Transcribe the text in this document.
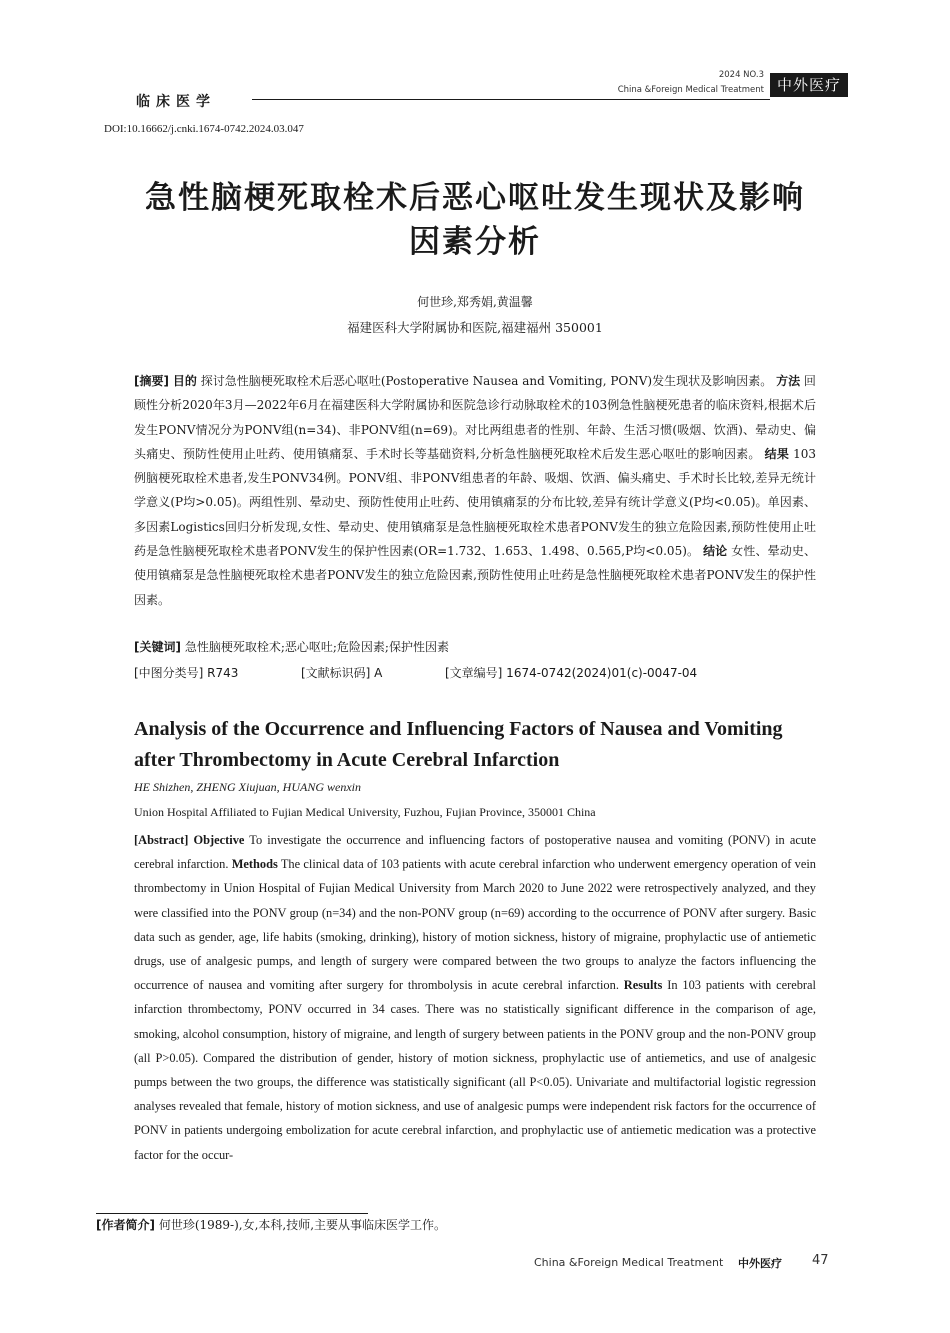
临床医学
2024 NO.3
China &Foreign Medical Treatment 中外医疗
DOI:10.16662/j.cnki.1674-0742.2024.03.047
急性脑梗死取栓术后恶心呕吐发生现状及影响
因素分析
何世珍,郑秀娟,黄温馨
福建医科大学附属协和医院,福建福州 350001
[摘要] 目的 探讨急性脑梗死取栓术后恶心呕吐(Postoperative Nausea and Vomiting, PONV)发生现状及影响因素。 方法 回顾性分析2020年3月—2022年6月在福建医科大学附属协和医院急诊行动脉取栓术的103例急性脑梗死患者的临床资料,根据术后发生PONV情况分为PONV组(n=34)、非PONV组(n=69)。对比两组患者的性别、年龄、生活习惯(吸烟、饮酒)、晕动史、偏头痛史、预防性使用止吐药、使用镇痛泵、手术时长等基础资料,分析急性脑梗死取栓术后发生恶心呕吐的影响因素。 结果 103例脑梗死取栓术患者,发生PONV34例。PONV组、非PONV组患者的年龄、吸烟、饮酒、偏头痛史、手术时长比较,差异无统计学意义(P均>0.05)。两组性别、晕动史、预防性使用止吐药、使用镇痛泵的分布比较,差异有统计学意义(P均<0.05)。单因素、多因素Logistics回归分析发现,女性、晕动史、使用镇痛泵是急性脑梗死取栓术患者PONV发生的独立危险因素,预防性使用止吐药是急性脑梗死取栓术患者PONV发生的保护性因素(OR=1.732、1.653、1.498、0.565,P均<0.05)。 结论 女性、晕动史、使用镇痛泵是急性脑梗死取栓术患者PONV发生的独立危险因素,预防性使用止吐药是急性脑梗死取栓术患者PONV发生的保护性因素。
[关键词] 急性脑梗死取栓术;恶心呕吐;危险因素;保护性因素
[中图分类号] R743	[文献标识码] A	[文章编号] 1674-0742(2024)01(c)-0047-04
Analysis of the Occurrence and Influencing Factors of Nausea and Vomiting after Thrombectomy in Acute Cerebral Infarction
HE Shizhen, ZHENG Xiujuan, HUANG wenxin
Union Hospital Affiliated to Fujian Medical University, Fuzhou, Fujian Province, 350001 China
[Abstract] Objective To investigate the occurrence and influencing factors of postoperative nausea and vomiting (PONV) in acute cerebral infarction. Methods The clinical data of 103 patients with acute cerebral infarction who underwent emergency operation of vein thrombectomy in Union Hospital of Fujian Medical University from March 2020 to June 2022 were retrospectively analyzed, and they were classified into the PONV group (n=34) and the non-PONV group (n=69) according to the occurrence of PONV after surgery. Basic data such as gender, age, life habits (smoking, drinking), history of motion sickness, history of migraine, prophylactic use of antiemetic drugs, use of analgesic pumps, and length of surgery were compared between the two groups to analyze the factors influencing the occurrence of nausea and vomiting after surgery for thrombolysis in acute cerebral infarction. Results In 103 patients with cerebral infarction thrombectomy, PONV occurred in 34 cases. There was no statistically significant difference in the comparison of age, smoking, alcohol consumption, history of migraine, and length of surgery between patients in the PONV group and the non-PONV group (all P>0.05). Compared the distribution of gender, history of motion sickness, prophylactic use of antiemetics, and use of analgesic pumps between the two groups, the difference was statistically significant (all P<0.05). Univariate and multifactorial logistic regression analyses revealed that female, history of motion sickness, and use of analgesic pumps were independent risk factors for the occurrence of PONV in patients undergoing embolization for acute cerebral infarction, and prophylactic use of antiemetic medication was a protective factor for the occur-
[作者简介] 何世珍(1989-),女,本科,技师,主要从事临床医学工作。
China &Foreign Medical Treatment 中外医疗 47
